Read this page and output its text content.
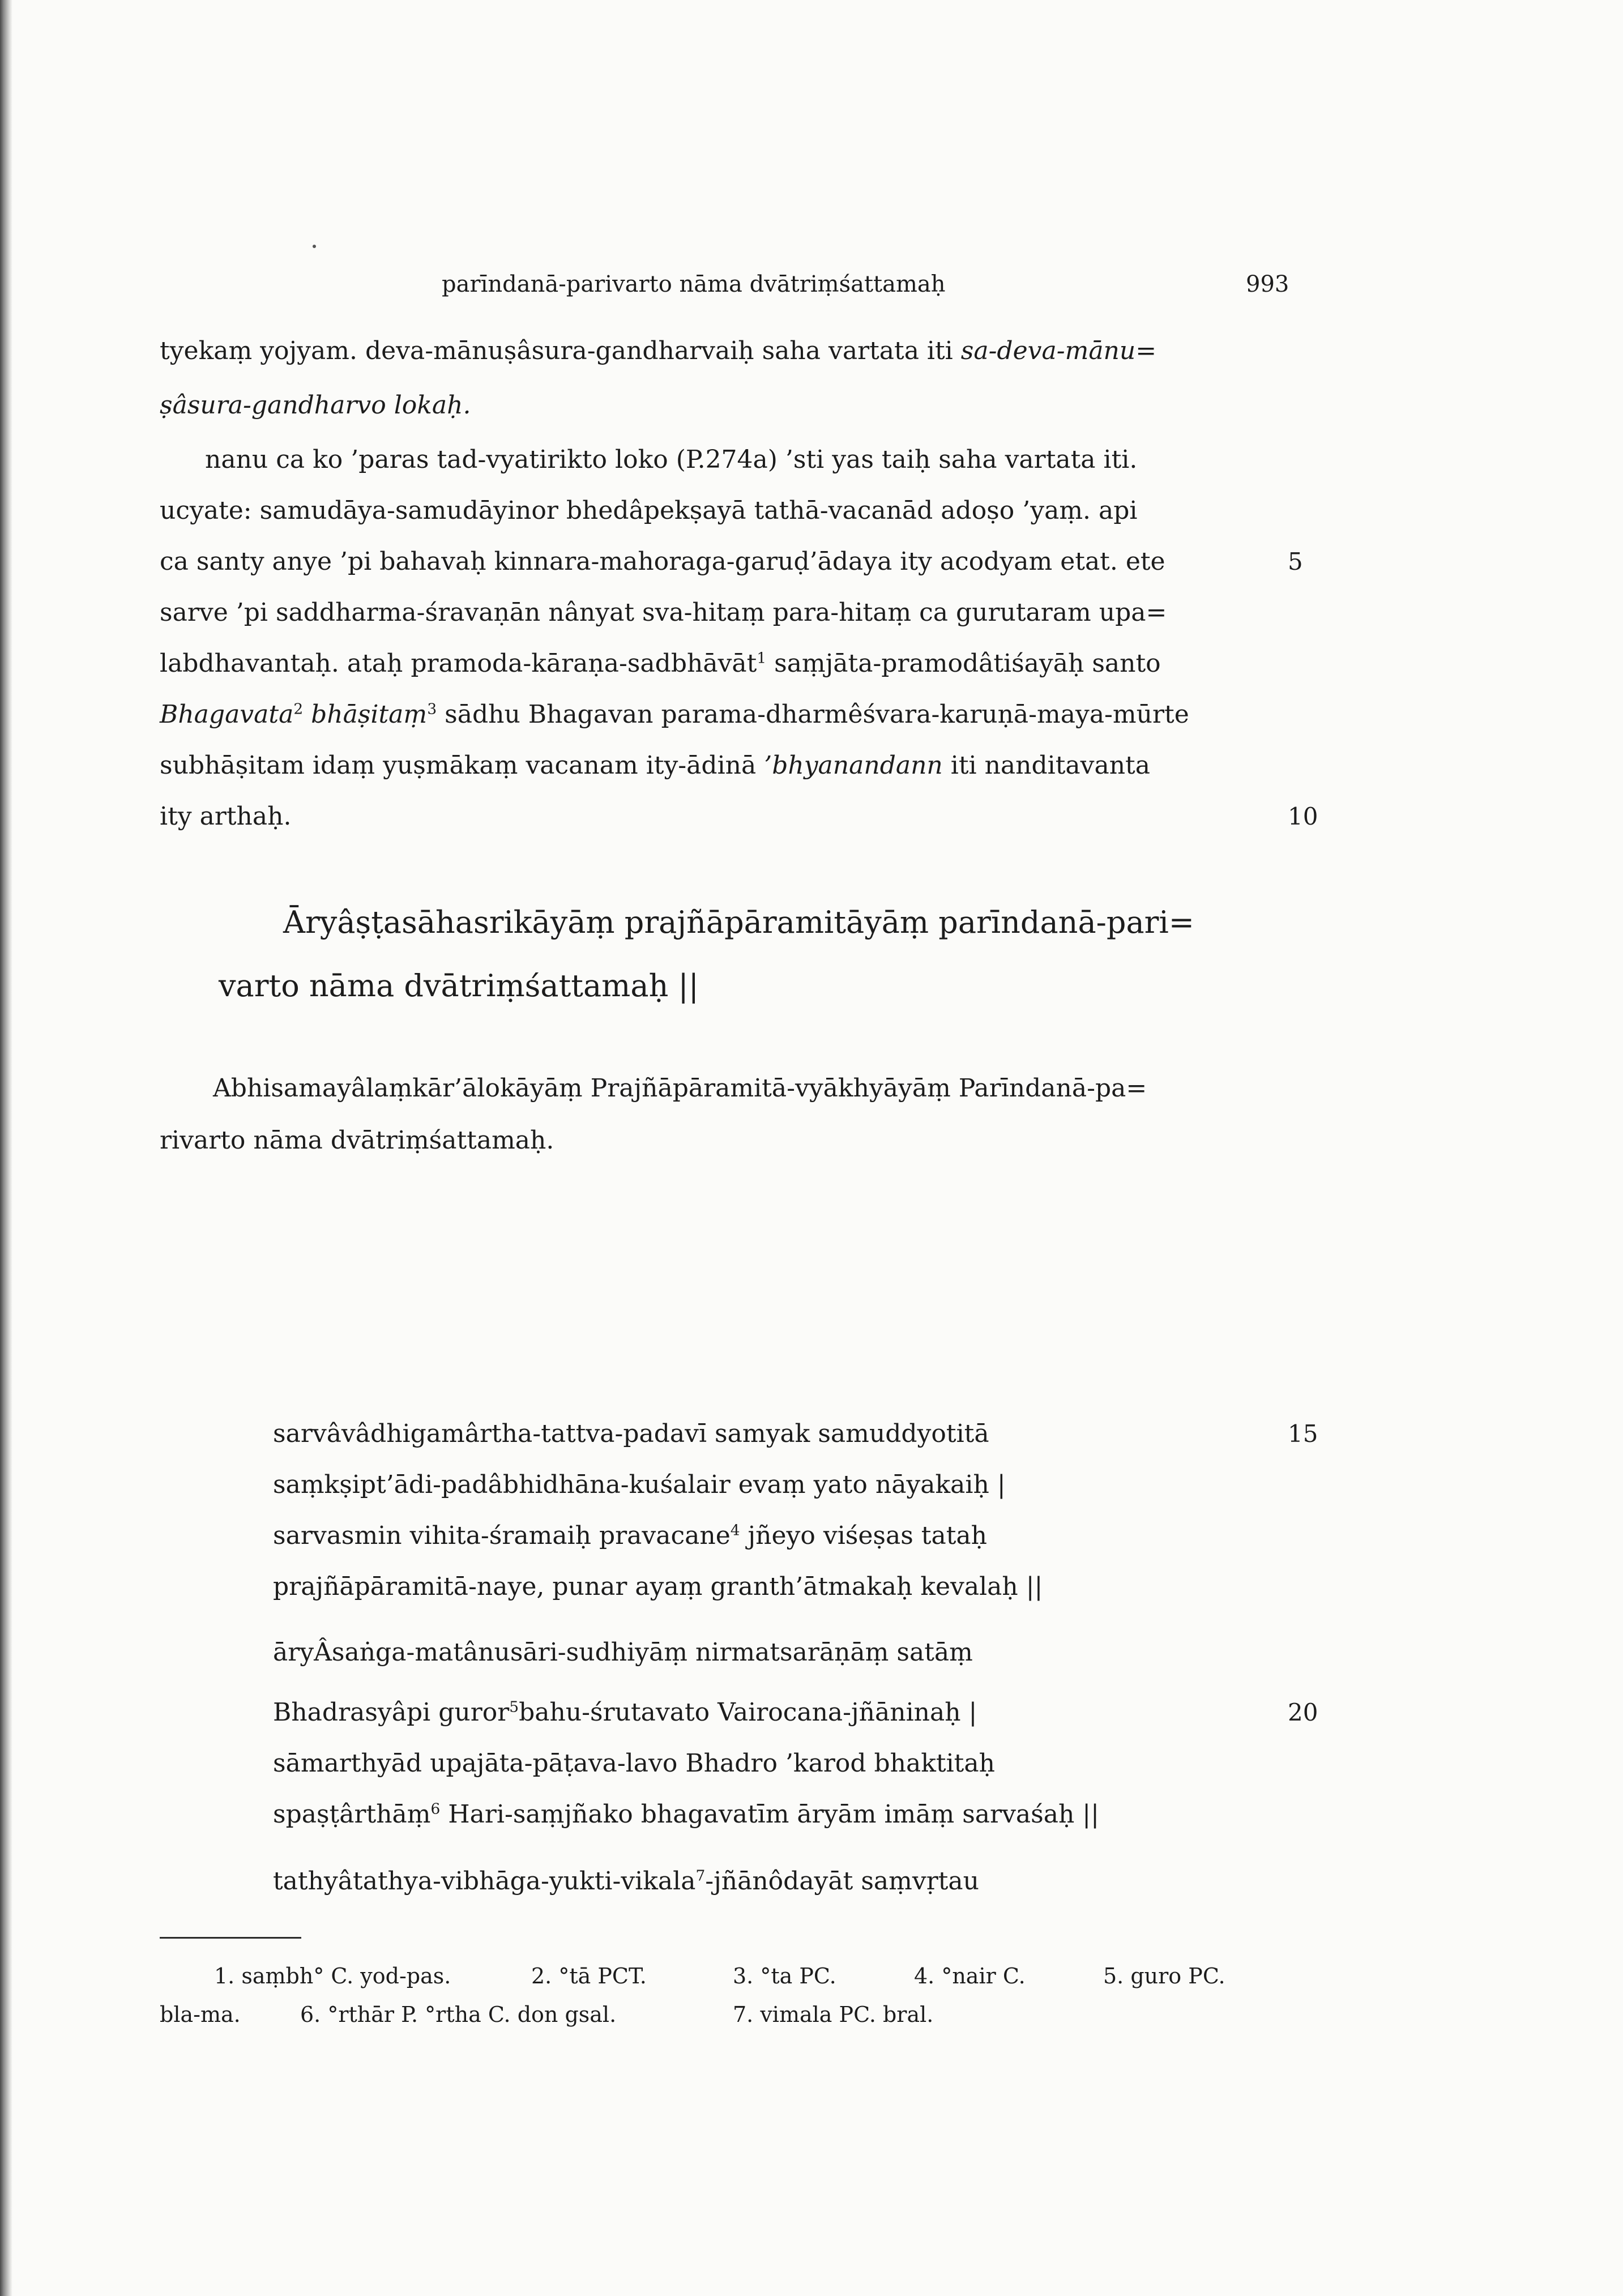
parīndanā-parivarto nāma dvātriṃśattamaḥ	993
tyekaṃ yojyam. deva-mānuṣâsura-gandharvaiḥ saha vartata iti sa-deva-mānu=
ṣâsura-gandharvo lokaḥ.
nanu ca ko ’paras tad-vyatirikto loko (P.274a) ’sti yas taiḥ saha vartata iti.
ucyate: samudāya-samudāyinor bhedâpekṣayā tathā-vacanād adoṣo ’yaṃ. api
ca santy anye ’pi bahavaḥ kinnara-mahoraga-garuḍ’ādaya ity acodyam etat. ete	5
sarve ’pi saddharma-śravaṇān nânyat sva-hitaṃ para-hitaṃ ca gurutaram upa=
labdhavantaḥ. ataḥ pramoda-kāraṇa-sadbhāvāt$^1$ saṃjāta-pramodâtiśayāḥ santo
Bhagavata$^2$ bhāṣitaṃ$^3$ sādhu Bhagavan parama-dharmêśvara-karuṇā-maya-mūrte
subhāṣitam idaṃ yuṣmākaṃ vacanam ity-ādinā ’bhyanandann iti nanditavanta
ity arthaḥ.	10
Āryâṣṭasāhasrikāyāṃ prajñāpāramitāyāṃ parīndanā-pari=
varto nāma dvātriṃśattamaḥ ||
Abhisamayâlaṃkār’ālokāyāṃ Prajñāpāramitā-vyākhyāyāṃ Parīndanā-pa=
rivarto nāma dvātriṃśattamaḥ.
sarvâvâdhigamârtha-tattva-padavī samyak samuddyotitā	15
saṃkṣipt’ādi-padâbhidhāna-kuśalair evaṃ yato nāyakaiḥ |
sarvasmin vihita-śramaiḥ pravacane$^4$ jñeyo viśeṣas tataḥ
prajñāpāramitā-naye, punar ayaṃ granth’ātmakaḥ kevalaḥ ||
āryÂsaṅga-matânusāri-sudhiyāṃ nirmatsarāṇāṃ satāṃ
Bhadrasyâpi guror$^5$bahu-śrutavato Vairocana-jñāninaḥ |	20
sāmarthyād upajāta-pāṭava-lavo Bhadro ’karod bhaktitaḥ
spaṣṭârthāṃ$^6$ Hari-saṃjñako bhagavatīm āryām imāṃ sarvaśaḥ ||
tathyâtathya-vibhāga-yukti-vikala$^7$-jñānôdayāt saṃvṛtau
1. saṃbh° C. yod-pas.	2. °tā PCT.	3. °ta PC.	4. °nair C.	5. guro PC.
bla-ma.	6. °rthār P. °rtha C. don gsal.	7. vimala PC. bral.
